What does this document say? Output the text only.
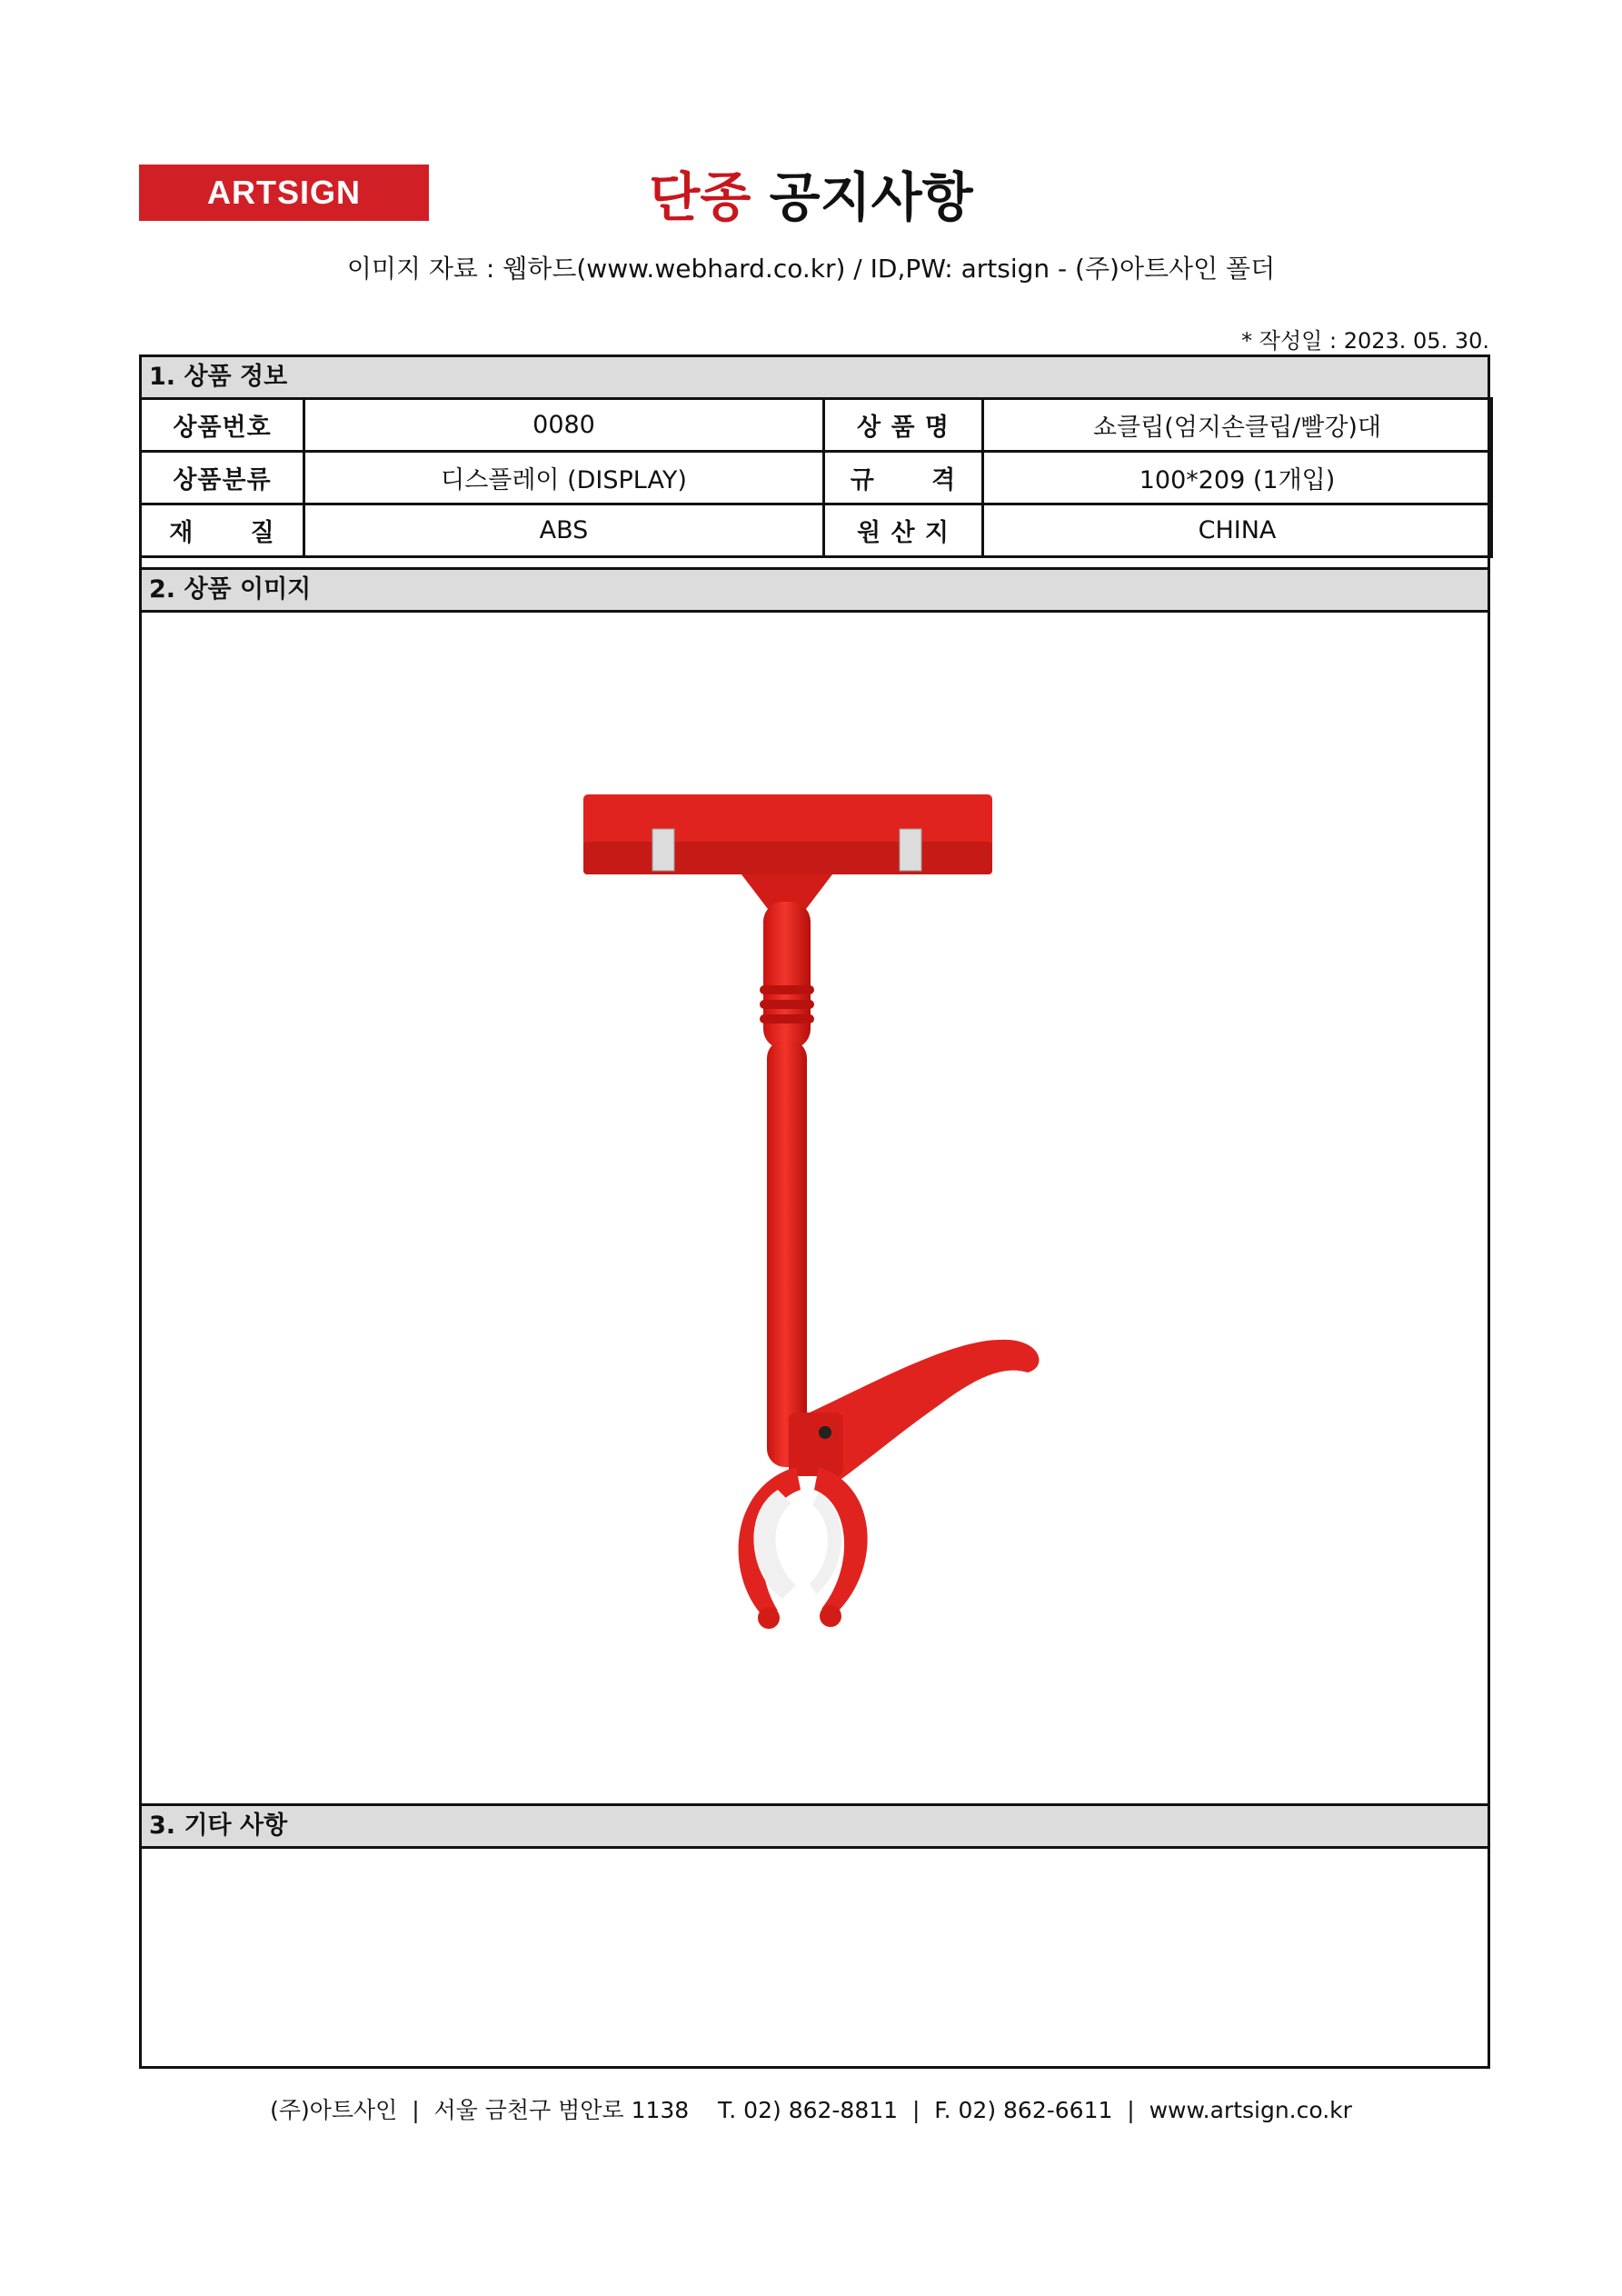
ARTSIGN	단종 공지사항
이미지 자료 : 웹하드(www.webhard.co.kr) / ID,PW: artsign - (주)아트사인 폴더
* 작성일 : 2023. 05. 30.
1. 상품 정보
상품번호	0080	상 품 명	쇼클립(엄지손클립/빨강)대
상품분류	디스플레이 (DISPLAY)	규      격	100*209 (1개입)
재      질	ABS	원 산 지	CHINA
2. 상품 이미지
3. 기타 사항
(주)아트사인  |  서울 금천구 범안로 1138    T. 02) 862-8811  |  F. 02) 862-6611  |  www.artsign.co.kr
